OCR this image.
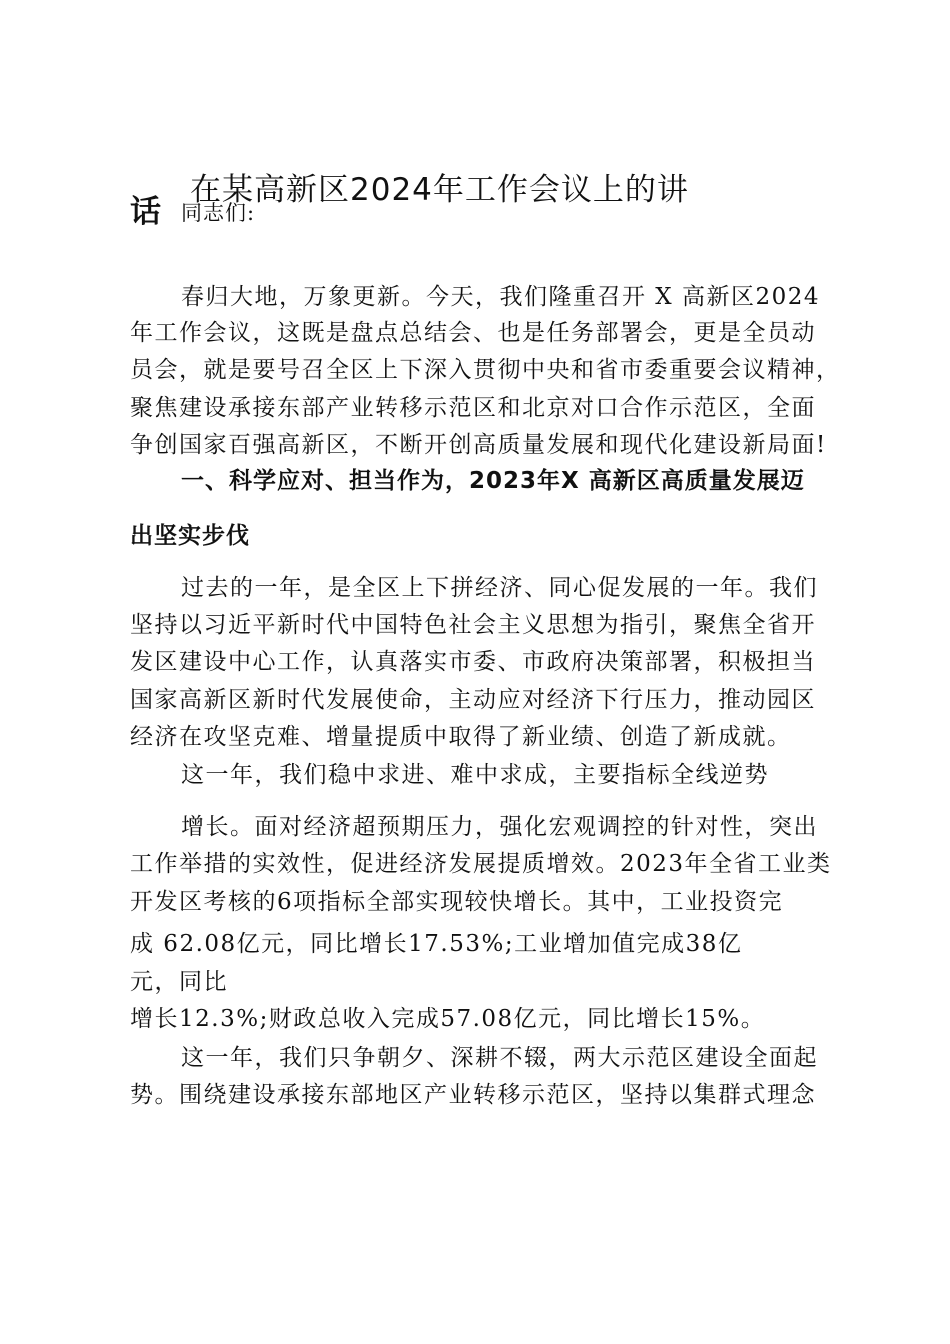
在某高新区2024年工作会议上的讲
话 同志们:
春归大地，万象更新。今天，我们隆重召开 X 高新区2024
年工作会议，这既是盘点总结会、也是任务部署会，更是全员动
员会，就是要号召全区上下深入贯彻中央和省市委重要会议精神，
聚焦建设承接东部产业转移示范区和北京对口合作示范区，全面
争创国家百强高新区，不断开创高质量发展和现代化建设新局面!
一、科学应对、担当作为，2023年X 高新区高质量发展迈
出坚实步伐
过去的一年，是全区上下拼经济、同心促发展的一年。我们
坚持以习近平新时代中国特色社会主义思想为指引，聚焦全省开
发区建设中心工作，认真落实市委、市政府决策部署，积极担当
国家高新区新时代发展使命，主动应对经济下行压力，推动园区
经济在攻坚克难、增量提质中取得了新业绩、创造了新成就。
这一年，我们稳中求进、难中求成，主要指标全线逆势
增长。面对经济超预期压力，强化宏观调控的针对性，突出
工作举措的实效性，促进经济发展提质增效。2023年全省工业类
开发区考核的6项指标全部实现较快增长。其中，工业投资完
成 62.08亿元，同比增长17.53%;工业增加值完成38亿
元，同比
增长12.3%;财政总收入完成57.08亿元，同比增长15%。
这一年，我们只争朝夕、深耕不辍，两大示范区建设全面起
势。围绕建设承接东部地区产业转移示范区，坚持以集群式理念
